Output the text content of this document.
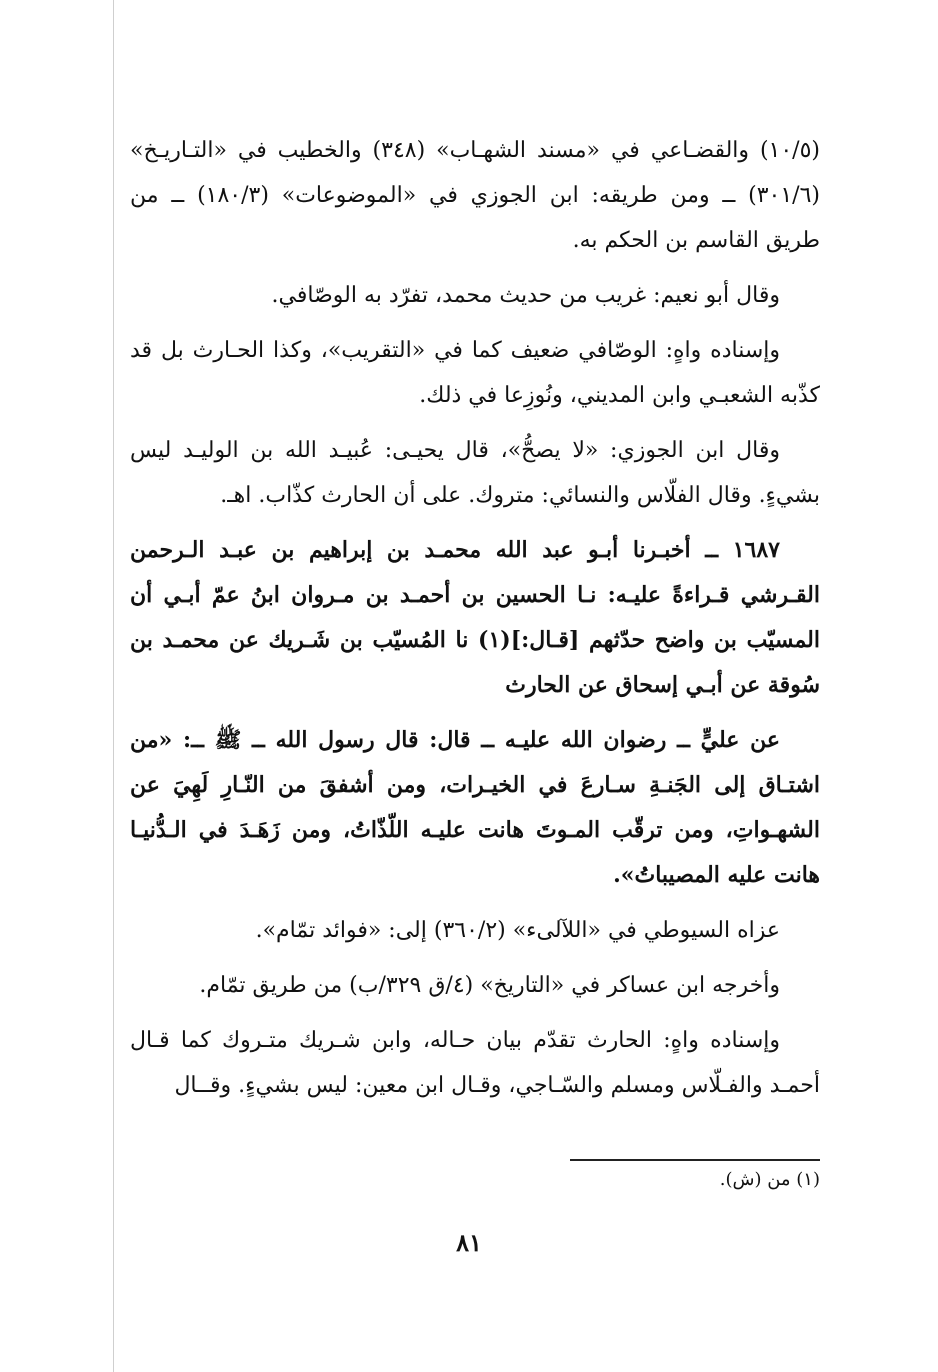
(١٠/٥) والقضـاعي في «مسند الشهـاب» (٣٤٨) والخطيب في «التـاريـخ» (٣٠١/٦) ــ ومن طريقه: ابن الجوزي في «الموضوعات» (١٨٠/٣) ــ من طريق القاسم بن الحكم به.

وقال أبو نعيم: غريب من حديث محمد، تفرّد به الوصّافي.

وإسناده واهٍ: الوصّافي ضعيف كما في «التقريب»، وكذا الحـارث بل قد كذّبه الشعبـي وابن المديني، ونُوزِعا في ذلك.

وقال ابن الجوزي: «لا يصحُّ»، قال يحيـى: عُبيـد الله بن الوليـد ليس بشيءٍ. وقال الفلّاس والنسائي: متروك. على أن الحارث كذّاب. اهـ.

١٦٨٧ ــ أخبـرنا أبـو عبد الله محمـد بن إبراهيم بن عبـد الـرحمن القـرشي قـراءةً عليـه: نـا الحسين بن أحمـد بن مـروان ابنُ عمّ أبـي أن المسيّب بن واضح حدّثهم [قـال:](١) نا المُسيّب بن شَـريك عن محمـد بن سُوقة عن أبـي إسحاق عن الحارث

عن عليٍّ ــ رضوان الله عليـه ــ قال: قال رسول الله ــ ﷺ ــ: «من اشتـاق إلى الجَنـةِ سـارعَ في الخيـرات، ومن أشفقَ من النّـارِ لَهِيَ عن الشهـواتِ، ومن ترقّب المـوتَ هانت عليـه اللّذّاتُ، ومن زَهَـدَ في الـدُّنيـا هانت عليه المصيباتُ».

عزاه السيوطي في «اللآلىء» (٣٦٠/٢) إلى: «فوائد تمّام».

وأخرجه ابن عساكر في «التاريخ» (٤/ق ٣٢٩/ب) من طريق تمّام.

وإسناده واهٍ: الحارث تقدّم بيان حـاله، وابن شـريك متـروك كما قـال أحمـد والفـلّاس ومسلم والسّـاجي، وقـال ابن معين: ليس بشيءٍ. وقــال

(١) من (ش).
٨١
